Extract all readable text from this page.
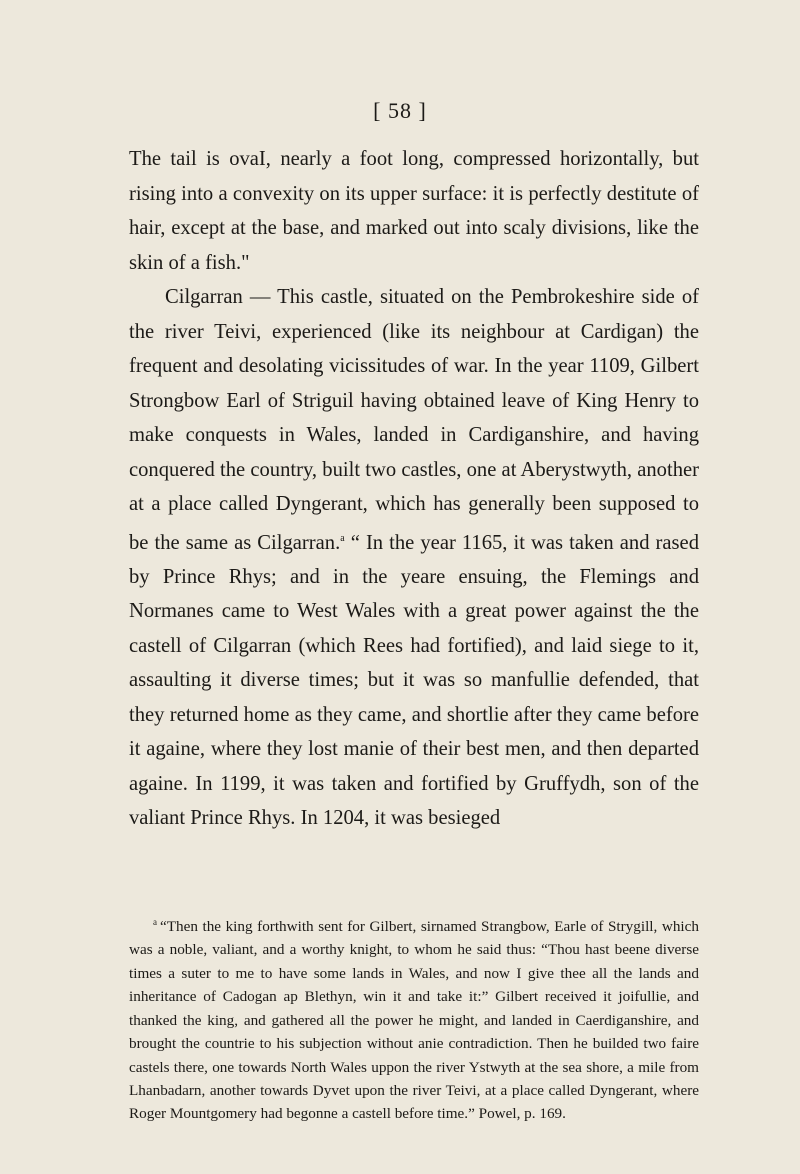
[ 58 ]

The tail is ovaI, nearly a foot long, compressed horizontally, but rising into a convexity on its upper surface: it is perfectly destitute of hair, except at the base, and marked out into scaly divisions, like the skin of a fish."

Cilgarran — This castle, situated on the Pembrokeshire side of the river Teivi, experienced (like its neighbour at Cardigan) the frequent and desolating vicissitudes of war. In the year 1109, Gilbert Strongbow Earl of Striguil having obtained leave of King Henry to make conquests in Wales, landed in Cardiganshire, and having conquered the country, built two castles, one at Aberystwyth, another at a place called Dyngerant, which has generally been supposed to be the same as Cilgarran.$^a$ “ In the year 1165, it was taken and rased by Prince Rhys; and in the yeare ensuing, the Flemings and Normanes came to West Wales with a great power against the the castell of Cilgarran (which Rees had fortified), and laid siege to it, assaulting it diverse times; but it was so manfullie defended, that they returned home as they came, and shortlie after they came before it againe, where they lost manie of their best men, and then departed againe. In 1199, it was taken and fortified by Gruffydh, son of the valiant Prince Rhys. In 1204, it was besieged

$^a$ “Then the king forthwith sent for Gilbert, sirnamed Strangbow, Earle of Strygill, which was a noble, valiant, and a worthy knight, to whom he said thus: “Thou hast beene diverse times a suter to me to have some lands in Wales, and now I give thee all the lands and inheritance of Cadogan ap Blethyn, win it and take it:” Gilbert received it joifullie, and thanked the king, and gathered all the power he might, and landed in Caerdiganshire, and brought the countrie to his subjection without anie contradiction. Then he builded two faire castels there, one towards North Wales uppon the river Ystwyth at the sea shore, a mile from Lhanbadarn, another towards Dyvet upon the river Teivi, at a place called Dyngerant, where Roger Mountgomery had begonne a castell before time.” Powel, p. 169.
